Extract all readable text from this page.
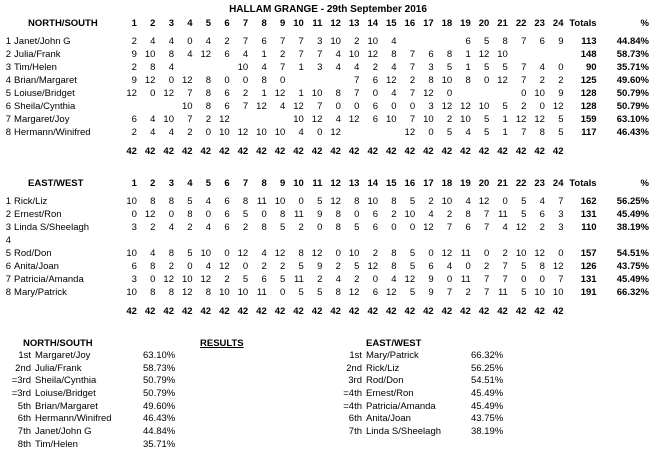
HALLAM GRANGE - 29th September 2016
	NORTH/SOUTH	1	2	3	4	5	6	7	8	9	10	11	12	13	14	15	16	17	18	19	20	21	22	23	24	Totals	%

1	Janet/John G	2	4	4	0	4	2	7	6	7	7	3	10	2	10	4				6	5	8	7	6	9	113	44.84%
2	Julia/Frank	9	10	8	4	12	6	4	1	2	7	7	4	10	12	8	7	6	8	1	12	10				148	58.73%
3	Tim/Helen	2	8	4				10	4	7	1	3	4	4	2	4	7	3	5	1	5	5	7	4	0	90	35.71%
4	Brian/Margaret	9	12	0	12	8	0	0	8	0				7	6	12	2	8	10	8	0	12	7	2	2	125	49.60%
5	Loiuse/Bridget	12	0	12	7	8	6	2	1	12	1	10	8	7	0	4	7	12	0				0	10	9	128	50.79%
6	Sheila/Cynthia				10	8	6	7	12	4	12	7	0	0	6	0	0	3	12	12	10	5	2	0	12	128	50.79%
7	Margaret/Joy	6	4	10	7	2	12				10	12	4	12	6	10	7	10	2	10	5	1	12	12	5	159	63.10%
8	Hermann/Winifred	2	4	4	2	0	10	12	10	10	4	0	12				12	0	5	4	5	1	7	8	5	117	46.43%

		42	42	42	42	42	42	42	42	42	42	42	42	42	42	42	42	42	42	42	42	42	42	42	42		
	EAST/WEST	1	2	3	4	5	6	7	8	9	10	11	12	13	14	15	16	17	18	19	20	21	22	23	24	Totals	%

1	Rick/Liz	10	8	8	5	4	6	8	11	10	0	5	12	8	10	8	5	2	10	4	12	0	5	4	7	162	56.25%
2	Ernest/Ron	0	12	0	8	0	6	5	0	8	11	9	8	0	6	2	10	4	2	8	7	11	5	6	3	131	45.49%
3	Linda S/Sheelagh	3	2	4	2	4	6	2	8	5	2	0	8	5	6	0	0	12	7	6	7	4	12	2	3	110	38.19%
4																											
5	Rod/Don	10	4	8	5	10	0	12	4	12	8	12	0	10	2	8	5	0	12	11	0	2	10	12	0	157	54.51%
6	Anita/Joan	6	8	2	0	4	12	0	2	2	5	9	2	5	12	8	5	6	4	0	2	7	5	8	12	126	43.75%
7	Patricia/Amanda	3	0	12	10	12	2	5	6	5	11	2	4	2	0	4	12	9	0	11	7	7	0	0	7	131	45.49%
8	Mary/Patrick	10	8	8	12	8	10	10	11	0	5	5	8	12	6	12	5	9	7	2	7	11	5	10	10	191	66.32%

		42	42	42	42	42	42	42	42	42	42	42	42	42	42	42	42	42	42	42	42	42	42	42	42		
NORTH/SOUTH
1st Margaret/Joy	63.10%
2nd Julia/Frank	58.73%
=3rd Sheila/Cynthia	50.79%
=3rd Loiuse/Bridget	50.79%
5th Brian/Margaret	49.60%
6th Hermann/Winifred	46.43%
7th Janet/John G	44.84%
8th Tim/Helen	35.71%
RESULTS	EAST/WEST
1st Mary/Patrick	66.32%
2nd Rick/Liz	56.25%
3rd Rod/Don	54.51%
=4th Ernest/Ron	45.49%
=4th Patricia/Amanda	45.49%
6th Anita/Joan	43.75%
7th Linda S/Sheelagh	38.19%
